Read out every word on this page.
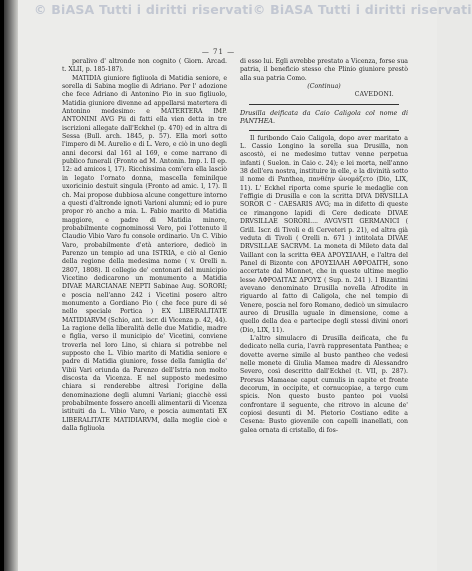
© BiASA Tutti i diritti riservati © BiASA Tutti i diritti riservati
— 71 —

peralivo d' altronde non cognito ( Giorn. Arcad. t. XLII, p. 185-187).

MATIDIA giuniore figliuola di Matidia seniore, e sorella di Sabina moglie di Adriano. Per l' adozione che fece Adriano di Antonino Pio in suo figliuolo, Matidia giuniore divenne ad appellarsi matertera di Antonino medesimo: e MATERTERA IMP. ANTONINI AVG Pii di fatti ella vien detta in tre iscrizioni allegate dall'Eckhel (p. 470) ed in altra di Sessa (Bull. arch. 1845, p. 57). Ella morì sotto l'impero di M. Aurelio e di L. Vero, e ciò in uno degli anni decorsi dal 161 al 169, e come narrano di publico funerali (Fronto ad M. Antonin. Imp. l. II ep. 12: ad amicos l, 17). Ricchissima com'era ella lasciò in legato l'ornato donna, mascella feminilque uxoricinio destuit singula (Fronto ad amic. l, 17). Il ch. Mai propose dubbiosa alcune congetture intorno a questi d'altronde ignoti Varioni alumni; ed io pure propor rò ancho a mia. L. Fabio marito di Matidia maggiore, e padre di Matidia minore, probabilmente cognominossi Vero, poi l'ottenuto il Claudio Vibio Varo fu console ordinario. Un C. Vibio Varo, probabilmente d'età anteriore, dedicò in Parenzo un tempio ad una ISTRIA, e ciò al Genio della regione della medesima nome ( v. Orelli n. 2807, 1808). Il collegio de' centonari del municipio Vicetino dedicarono un monumento a Matidia DIVAE MARCIANAE NEPTI Sabinae Aug. SORORI; e poscia nell'anno 242 i Vicetini posero altro monumento a Gordiano Pio ( che fece pure di sé nello speciale Portica ) EX LIBERALITATE MATIDIARVM (Schio, ant. iscr. di Vicenza p. 42, 44). La ragione della liberalità delle due Matidie, madre e figlia, verso il municipio de' Vicetini, conviene troverla nel loro Lino, si chiara si potrebbe nel supposto che L. Vibio marito di Matidia seniore e padre di Matidia giuniore, fosse della famiglia de' Vibii Vari oriunda da Parenzo dell'Istria non molto discosta da Vicenza. E nel supposto medesimo chiara si renderebbe altresì l'origine della denominazione degli alumni Variani; giacchè essi probabilmente fossero ancelli alimentarii di Vicenza istituiti da L. Vibio Varo, e poscia aumentati EX LIBERALITATE MATIDIARVM, dalla moglie cioè e dalla figliuola

di esso lui. Egli avrebbe prestato a Vicenza, forse sua patria, il beneficio stesso che Plinio giuniore prestò alla sua patria Como.

(Continua)

CAVEDONI.

Drusilla deificata da Caio Caligola col nome di PANTHEA.

Il furibondo Caio Caligola, dopo aver maritato a L. Cassio Longino la sorella sua Drusilla, non ascostò, ei ne medesimo tuttav venne perpetua infanti ( Suelon. in Caio c. 24); e lei morta, nell'anno 38 dell'era nostra, instituire in elle, e la divinità sotto il nome di Panthea, πανθέην ὠνομάζετο (Dio, LIX, 11). L' Eckhel riporta come spurie le medaglie con l'effigie di Drusilla e con la scritta DIVA DRVSILLA SOROR C · CAESARIS AVG; ma in difetto di queste ce rimangono lapidi di Cere dedicate DIVAE DRVSILLAE SORORI.... AVGVSTI GERMANICI ( Grill. Iscr. di Tivoli e di Cerveteri p. 21), ed altra già veduta di Tivoli ( Orelli n. 671 ) intitolata DIVAE DRVSILLAE SACRVM. La moneta di Mileto data dal Vaillant con la scritta ΘΕΑ ΔΡΟΥΣΙΛΛΗ, e l'altra del Panel di Bizonte con ΔΡΟΥΣΙΛΛΗ ΑΦΡΟΔΙΤΗ, sono accertate dal Mionnet, che in queste ultime meglio lesse ΑΦΡΟΔΙΤΑΣ ΔΡΟΥΣ ( Sup. n. 241 ). I Bizantini avevano denominato Drusilla novella Afrodite in riguardo al fatto di Caligola, che nel tempio di Venere, poscia nel foro Romano, dedicò un simulacro aureo di Drusilla uguale in dimensione, come a quello della dea e partecipe degli stessi divini onori (Dio, LIX, 11).

L'altro simulacro di Drusilla deificata, che fu dedicato nella curia, l'avrà rappresentata Panthea; e dovette averne simile al busto pantheo che vedesi nelle monete di Giulia Mamea madre di Alessandro Severo, così descritto dall'Eckhel (t. VII, p. 287). Prorsus Mamaeae caput cumulis in capite et fronte decorum, in occipite, et cornucopiae, a tergo cum spicis. Non questo busto panteo poi vuolsi confrontare il seguente, che ritrovo in alcune de' copiosi desunti di M. Pietorio Costiano edite a Cesena: Busto giovenile con capelli inanellati, con galea ornata di cristallo, di fos-
